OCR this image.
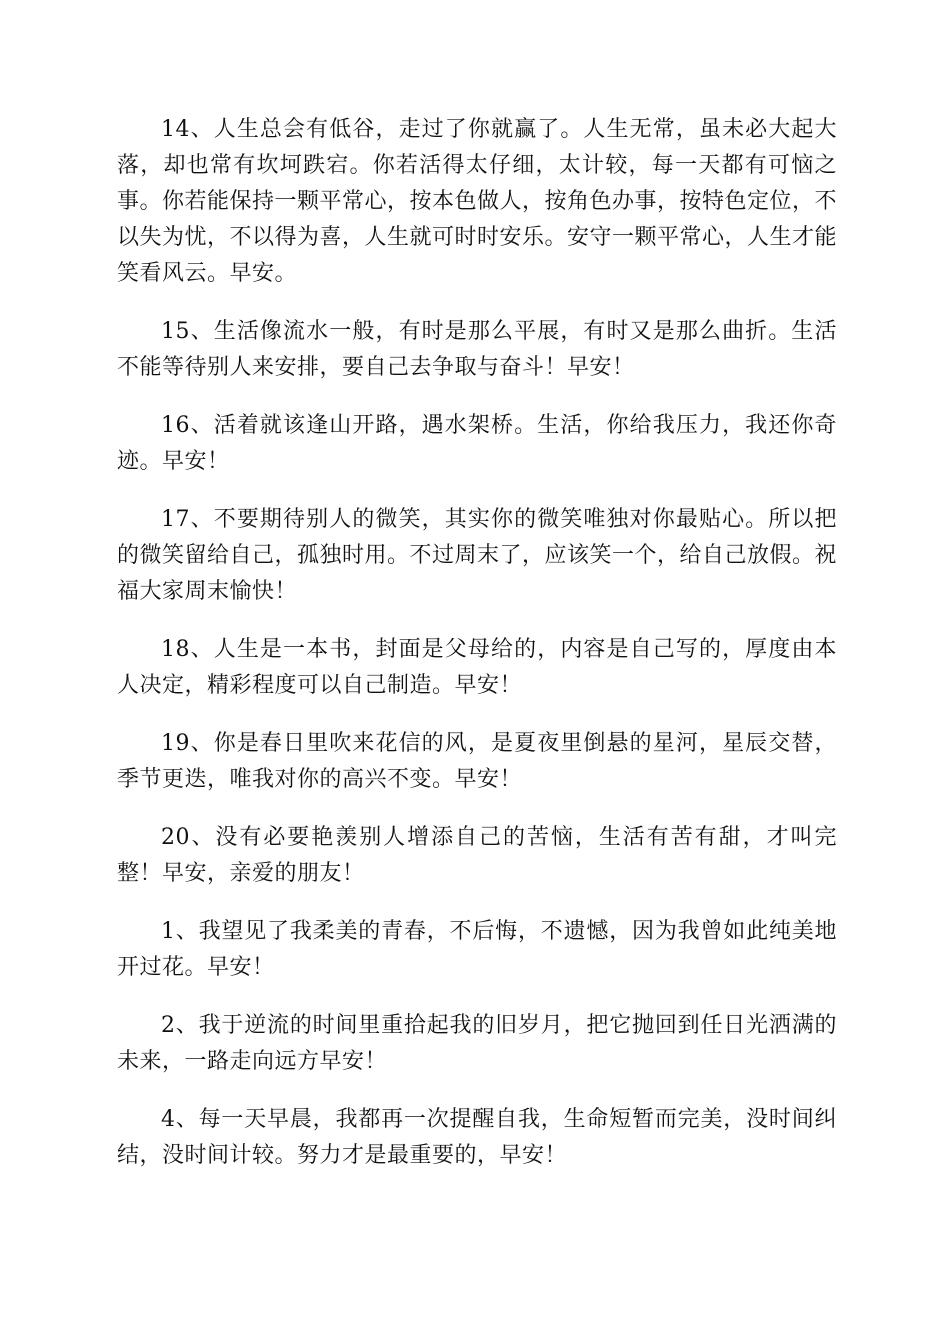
14、人生总会有低谷，走过了你就赢了。人生无常，虽未必大起大落，却也常有坎坷跌宕。你若活得太仔细，太计较，每一天都有可恼之事。你若能保持一颗平常心，按本色做人，按角色办事，按特色定位，不以失为忧，不以得为喜，人生就可时时安乐。安守一颗平常心，人生才能笑看风云。早安。

15、生活像流水一般，有时是那么平展，有时又是那么曲折。生活不能等待别人来安排，要自己去争取与奋斗！早安！

16、活着就该逢山开路，遇水架桥。生活，你给我压力，我还你奇迹。早安！

17、不要期待别人的微笑，其实你的微笑唯独对你最贴心。所以把的微笑留给自己，孤独时用。不过周末了，应该笑一个，给自己放假。祝福大家周末愉快！

18、人生是一本书，封面是父母给的，内容是自己写的，厚度由本人决定，精彩程度可以自己制造。早安！

19、你是春日里吹来花信的风，是夏夜里倒悬的星河，星辰交替，季节更迭，唯我对你的高兴不变。早安！

20、没有必要艳羡别人增添自己的苦恼，生活有苦有甜，才叫完整！早安，亲爱的朋友！

1、我望见了我柔美的青春，不后悔，不遗憾，因为我曾如此纯美地开过花。早安！

2、我于逆流的时间里重拾起我的旧岁月，把它抛回到任日光洒满的未来，一路走向远方早安！

4、每一天早晨，我都再一次提醒自我，生命短暂而完美，没时间纠结，没时间计较。努力才是最重要的，早安！
